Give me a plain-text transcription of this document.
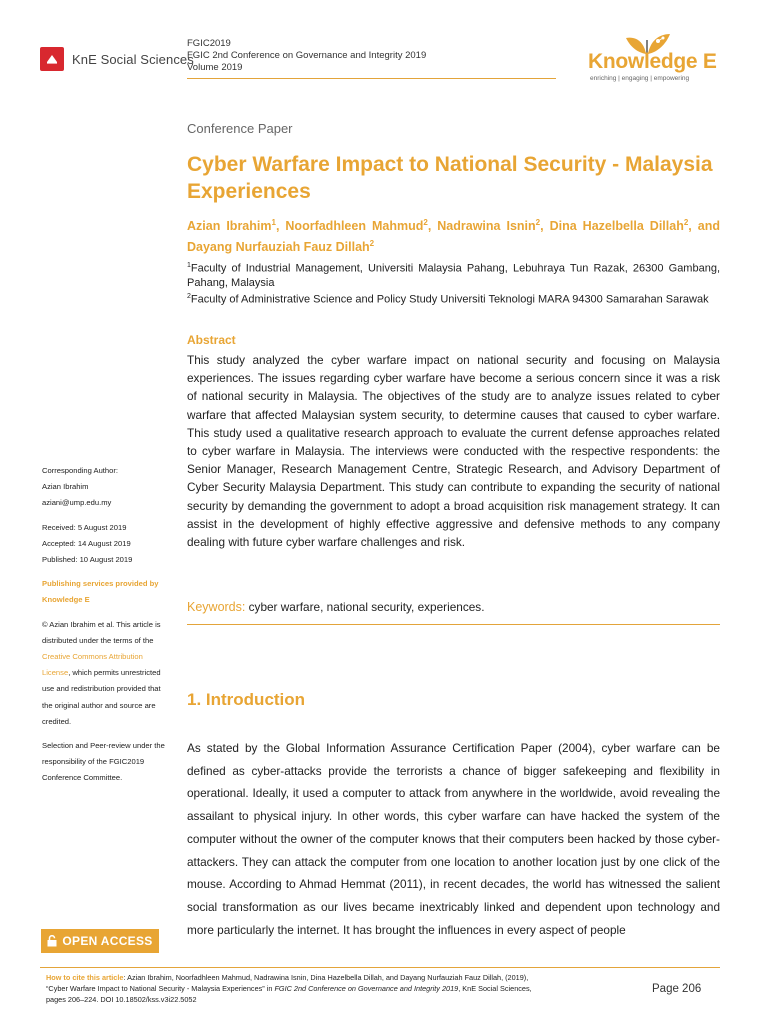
KnE Social Sciences
FGIC2019
FGIC 2nd Conference on Governance and Integrity 2019
Volume 2019	Knowledge E
enriching | engaging | empowering
Conference Paper
Cyber Warfare Impact to National Security - Malaysia Experiences
Azian Ibrahim$^1$, Noorfadhleen Mahmud$^2$, Nadrawina Isnin$^2$, Dina Hazelbella Dillah$^2$, and Dayang Nurfauziah Fauz Dillah$^2$
$^1$Faculty of Industrial Management, Universiti Malaysia Pahang, Lebuhraya Tun Razak, 26300 Gambang, Pahang, Malaysia
$^2$Faculty of Administrative Science and Policy Study Universiti Teknologi MARA 94300 Samarahan Sarawak
Abstract

This study analyzed the cyber warfare impact on national security and focusing on Malaysia experiences. The issues regarding cyber warfare have become a serious concern since it was a risk of national security in Malaysia. The objectives of the study are to analyze issues related to cyber warfare that affected Malaysian system security, to determine causes that caused to cyber warfare. This study used a qualitative research approach to evaluate the current defense approaches related to cyber warfare in Malaysia. The interviews were conducted with the respective respondents: the Senior Manager, Research Management Centre, Strategic Research, and Advisory Department of Cyber Security Malaysia Department. This study can contribute to expanding the security of national security by demanding the government to adopt a broad acquisition risk management strategy. It can assist in the development of highly effective aggressive and defensive methods to any company dealing with future cyber warfare challenges and risk.

Keywords: cyber warfare, national security, experiences.
1. Introduction

As stated by the Global Information Assurance Certification Paper (2004), cyber warfare can be defined as cyber-attacks provide the terrorists a chance of bigger safekeeping and flexibility in operational. Ideally, it used a computer to attack from anywhere in the worldwide, avoid revealing the assailant to physical injury. In other words, this cyber warfare can have hacked the system of the computer without the owner of the computer knows that their computers been hacked by those cyber-attackers. They can attack the computer from one location to another location just by one click of the mouse. According to Ahmad Hemmat (2011), in recent decades, the world has witnessed the salient social transformation as our lives became inextricably linked and dependent upon technology and more particularly the internet. It has brought the influences in every aspect of people

Corresponding Author:
Azian Ibrahim
aziani@ump.edu.my
Received: 5 August 2019
Accepted: 14 August 2019
Published: 10 August 2019
Publishing services provided by Knowledge E
© Azian Ibrahim et al. This article is distributed under the terms of the Creative Commons Attribution License, which permits unrestricted use and redistribution provided that the original author and source are credited.
Selection and Peer-review under the responsibility of the FGIC2019 Conference Committee.
OPEN ACCESS
How to cite this article: Azian Ibrahim, Noorfadhleen Mahmud, Nadrawina Isnin, Dina Hazelbella Dillah, and Dayang Nurfauziah Fauz Dillah, (2019),
“Cyber Warfare Impact to National Security - Malaysia Experiences” in FGIC 2nd Conference on Governance and Integrity 2019, KnE Social Sciences,
pages 206–224. DOI 10.18502/kss.v3i22.5052
Page 206
